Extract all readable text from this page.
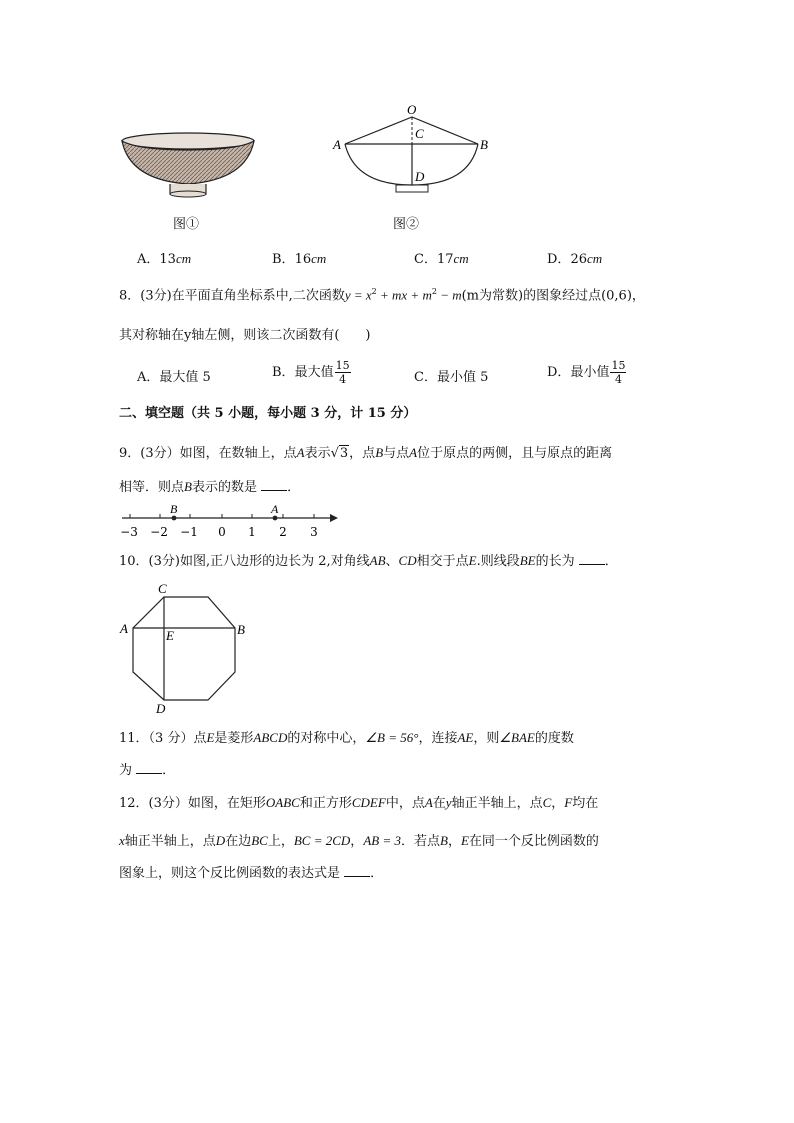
图①
O
C
A	B
D
图②
A．13cm	B．16cm	C．17cm	D．26cm
8．(3分)在平面直角坐标系中,二次函数$y = x^2$ + mx + $m^2 - m(m$为常数)的图象经过点(0,6)，
其对称轴在y轴左侧，则该二次函数有(　　)
A．最大值 5	B．最大值 $\frac{15}{4}$	C．最小值 5	D．最小值 $\frac{15}{4}$
二、填空题（共 5 小题，每小题 3 分，计 15 分）
9．(3分）如图，在数轴上，点A表示√3，点B与点A位于原点的两侧，且与原点的距离
相等．则点B表示的数是 ．
B	A
−3 −2 −1 0 1 2 3
10．(3分)如图,正八边形的边长为 2,对角线AB、CD相交于点E.则线段BE的长为 ．
C
A	E	B
D
11．（3 分）点E是菱形ABCD的对称中心，∠B = 56°，连接AE，则∠BAE的度数
为 ．
12．(3分）如图，在矩形OABC和正方形CDEF中，点A在y轴正半轴上，点C，F均在
x轴正半轴上，点D在边BC上，BC = 2CD，AB = 3．若点B，E在同一个反比例函数的
图象上，则这个反比例函数的表达式是 ．
